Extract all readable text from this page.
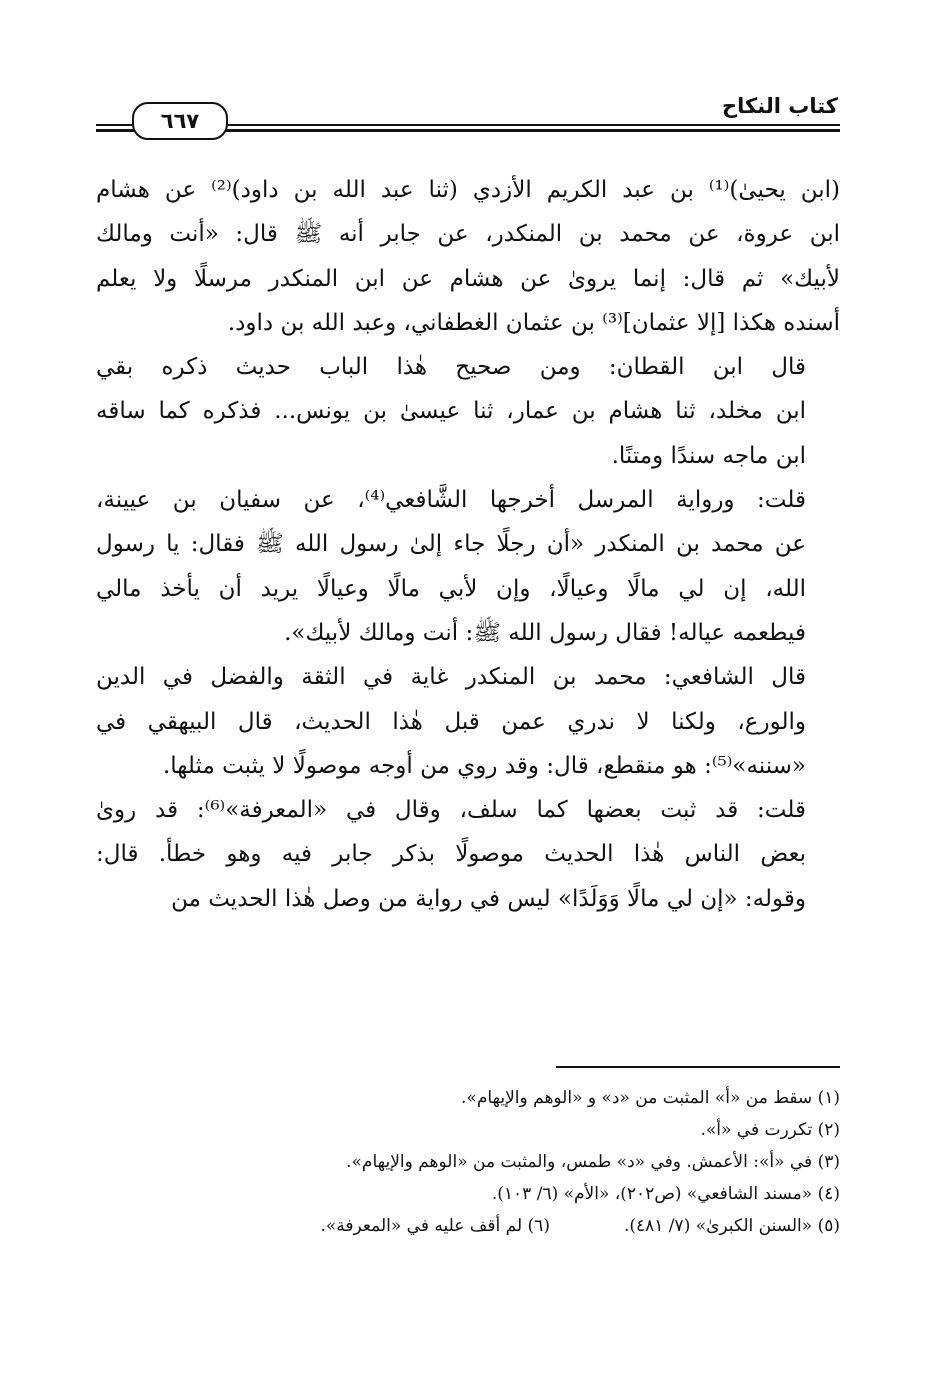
كتاب النكاح
٦٦٧

(ابن يحيىٰ)⁽¹⁾ بن عبد الكريم الأزدي (ثنا عبد الله بن داود)⁽²⁾ عن هشام
ابن عروة، عن محمد بن المنكدر، عن جابر أنه ﷺ قال: «أنت ومالك
لأبيك» ثم قال: إنما يرویٰ عن هشام عن ابن المنكدر مرسلًا ولا يعلم
أسنده هكذا [إلا عثمان]⁽³⁾ بن عثمان الغطفاني، وعبد الله بن داود.

قال ابن القطان: ومن صحيح هٰذا الباب حديث ذكره بقي
ابن مخلد، ثنا هشام بن عمار، ثنا عيسىٰ بن يونس... فذكره كما ساقه
ابن ماجه سندًا ومتنًا.

قلت: ورواية المرسل أخرجها الشَّافعي⁽⁴⁾، عن سفيان بن عيينة،
عن محمد بن المنكدر «أن رجلًا جاء إلىٰ رسول الله ﷺ فقال: يا رسول
الله، إن لي مالًا وعيالًا، وإن لأبي مالًا وعيالًا يريد أن يأخذ مالي
فيطعمه عياله! فقال رسول الله ﷺ: أنت ومالك لأبيك».

قال الشافعي: محمد بن المنكدر غاية في الثقة والفضل في الدين
والورع، ولكنا لا ندري عمن قبل هٰذا الحديث، قال البيهقي في
«سننه»⁽⁵⁾: هو منقطع، قال: وقد روي من أوجه موصولًا لا يثبت مثلها.

قلت: قد ثبت بعضها كما سلف، وقال في «المعرفة»⁽⁶⁾: قد رویٰ
بعض الناس هٰذا الحديث موصولًا بذكر جابر فيه وهو خطأ. قال:
وقوله: «إن لي مالًا وَوَلَدًا» ليس في رواية من وصل هٰذا الحديث من

(١) سقط من «أ» المثبت من «د» و «الوهم والإيهام».
(٢) تكررت في «أ».
(٣) في «أ»: الأعمش. وفي «د» طمس، والمثبت من «الوهم والإيهام».
(٤) «مسند الشافعي» (ص٢٠٢)، «الأم» (٦/ ١٠٣).
(٥) «السنن الكبرىٰ» (٧/ ٤٨١).(٦) لم أقف عليه في «المعرفة».
